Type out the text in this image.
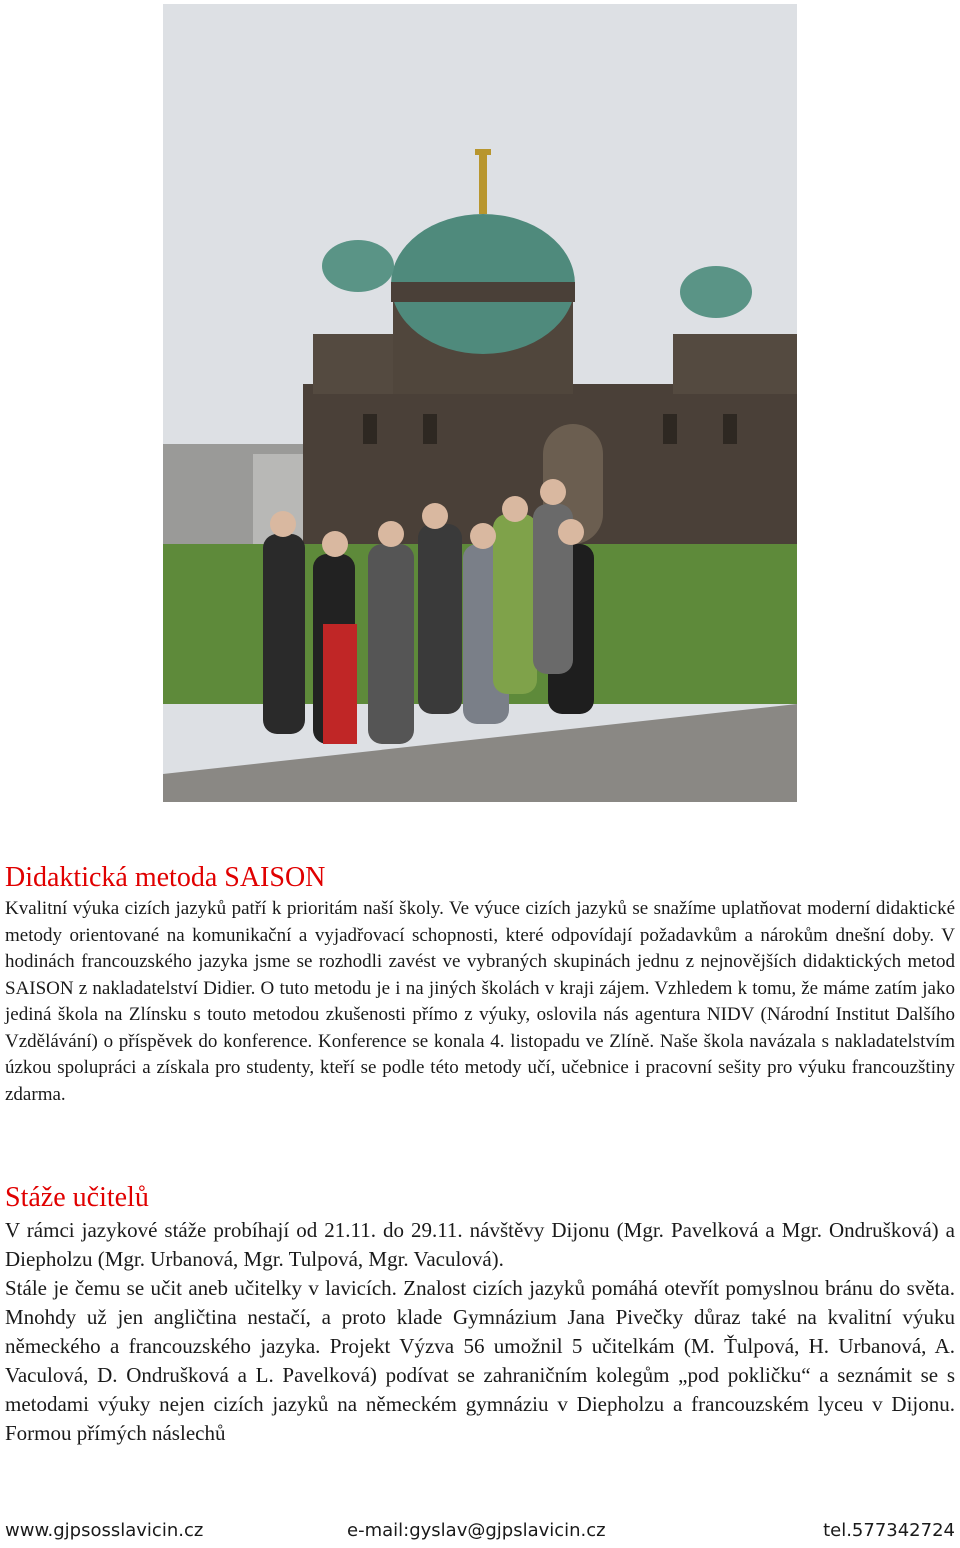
Didaktická metoda SAISON

Kvalitní výuka cizích jazyků patří k prioritám naší školy. Ve výuce cizích jazyků se snažíme uplatňovat moderní didaktické metody orientované na komunikační a vyjadřovací schopnosti, které odpovídají požadavkům a nárokům dnešní doby. V hodinách francouzského jazyka jsme se rozhodli zavést ve vybraných skupinách jednu z nejnovějších didaktických metod SAISON z nakladatelství Didier. O tuto metodu je i na jiných školách v kraji zájem. Vzhledem k tomu, že máme zatím jako jediná škola na Zlínsku s touto metodou zkušenosti přímo z výuky, oslovila nás agentura NIDV (Národní Institut Dalšího Vzdělávání) o příspěvek do konference. Konference se konala 4. listopadu ve Zlíně. Naše škola navázala s nakladatelstvím úzkou spolupráci a získala pro studenty, kteří se podle této metody učí, učebnice i pracovní sešity pro výuku francouzštiny zdarma.

Stáže učitelů

V rámci jazykové stáže probíhají od 21.11. do 29.11. návštěvy Dijonu (Mgr. Pavelková a Mgr. Ondrušková) a Diepholzu (Mgr. Urbanová, Mgr. Tulpová, Mgr. Vaculová).

Stále je čemu se učit aneb učitelky v lavicích. Znalost cizích jazyků pomáhá otevřít pomyslnou bránu do světa. Mnohdy už jen angličtina nestačí, a proto klade Gymnázium Jana Pivečky důraz také na kvalitní výuku německého a francouzského jazyka. Projekt Výzva 56 umožnil 5 učitelkám (M. Ťulpová, H. Urbanová, A. Vaculová, D. Ondrušková a L. Pavelková) podívat se zahraničním kolegům „pod pokličku“ a seznámit se s metodami výuky nejen cizích jazyků na německém gymnáziu v Diepholzu a francouzském lyceu v Dijonu. Formou přímých náslechů

www.gjpsosslavicin.cz	e-mail:gyslav@gjpslavicin.cz	tel.577342724
